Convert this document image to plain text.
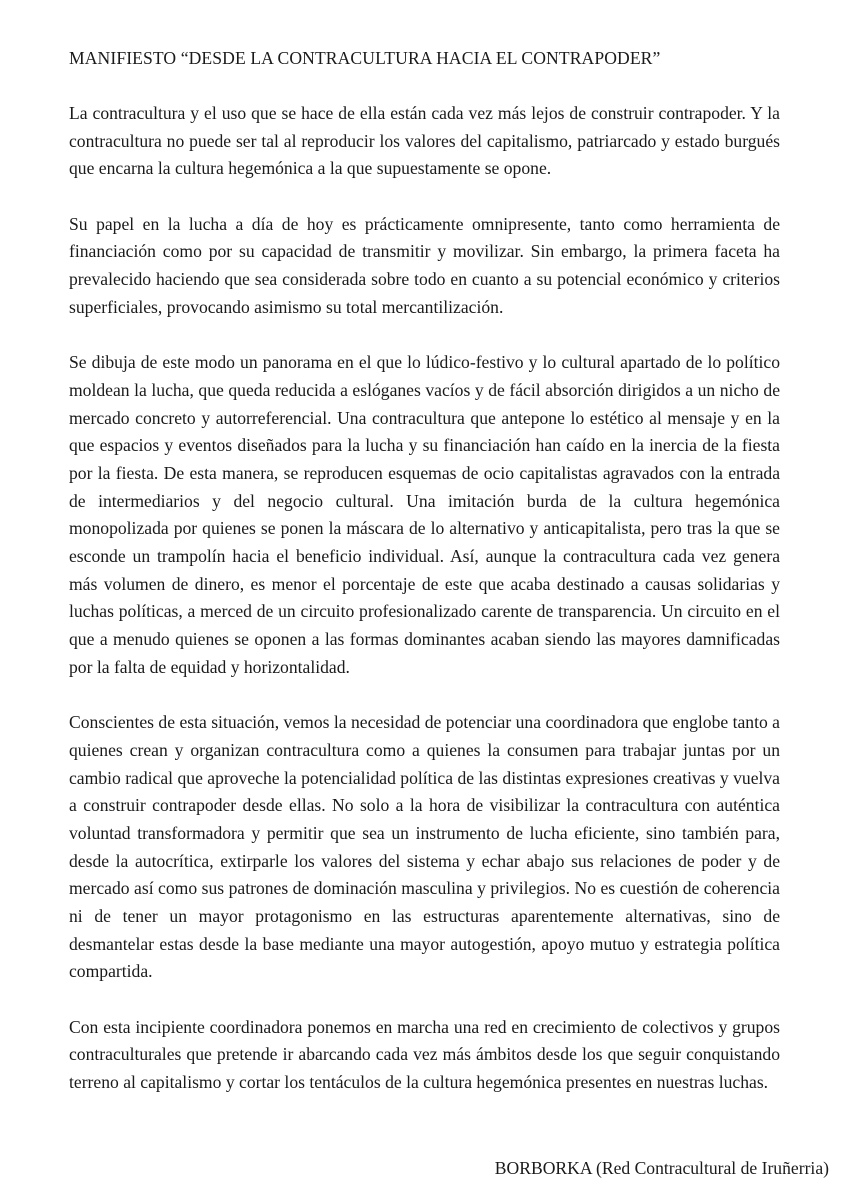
MANIFIESTO “DESDE LA CONTRACULTURA HACIA EL CONTRAPODER”

La contracultura y el uso que se hace de ella están cada vez más lejos de construir contrapoder. Y la contracultura no puede ser tal al reproducir los valores del capitalismo, patriarcado y estado burgués que encarna la cultura hegemónica a la que supuestamente se opone.

Su papel en la lucha a día de hoy es prácticamente omnipresente, tanto como herramienta de financiación como por su capacidad de transmitir y movilizar. Sin embargo, la primera faceta ha prevalecido haciendo que sea considerada sobre todo en cuanto a su potencial económico y criterios superficiales, provocando asimismo su total mercantilización.

Se dibuja de este modo un panorama en el que lo lúdico-festivo y lo cultural apartado de lo político moldean la lucha, que queda reducida a eslóganes vacíos y de fácil absorción dirigidos a un nicho de mercado concreto y autorreferencial. Una contracultura que antepone lo estético al mensaje y en la que espacios y eventos diseñados para la lucha y su financiación han caído en la inercia de la fiesta por la fiesta. De esta manera, se reproducen esquemas de ocio capitalistas agravados con la entrada de intermediarios y del negocio cultural. Una imitación burda de la cultura hegemónica monopolizada por quienes se ponen la máscara de lo alternativo y anticapitalista, pero tras la que se esconde un trampolín hacia el beneficio individual. Así, aunque la contracultura cada vez genera más volumen de dinero, es menor el porcentaje de este que acaba destinado a causas solidarias y luchas políticas, a merced de un circuito profesionalizado carente de transparencia. Un circuito en el que a menudo quienes se oponen a las formas dominantes acaban siendo las mayores damnificadas por la falta de equidad y horizontalidad.

Conscientes de esta situación, vemos la necesidad de potenciar una coordinadora que englobe tanto a quienes crean y organizan contracultura como a quienes la consumen para trabajar juntas por un cambio radical que aproveche la potencialidad política de las distintas expresiones creativas y vuelva a construir contrapoder desde ellas. No solo a la hora de visibilizar la contracultura con auténtica voluntad transformadora y permitir que sea un instrumento de lucha eficiente, sino también para, desde la autocrítica, extirparle los valores del sistema y echar abajo sus relaciones de poder y de mercado así como sus patrones de dominación masculina y privilegios. No es cuestión de coherencia ni de tener un mayor protagonismo en las estructuras aparentemente alternativas, sino de desmantelar estas desde la base mediante una mayor autogestión, apoyo mutuo y estrategia política compartida.

Con esta incipiente coordinadora ponemos en marcha una red en crecimiento de colectivos y grupos contraculturales que pretende ir abarcando cada vez más ámbitos desde los que seguir conquistando terreno al capitalismo y cortar los tentáculos de la cultura hegemónica presentes en nuestras luchas.

BORBORKA (Red Contracultural de Iruñerria)
